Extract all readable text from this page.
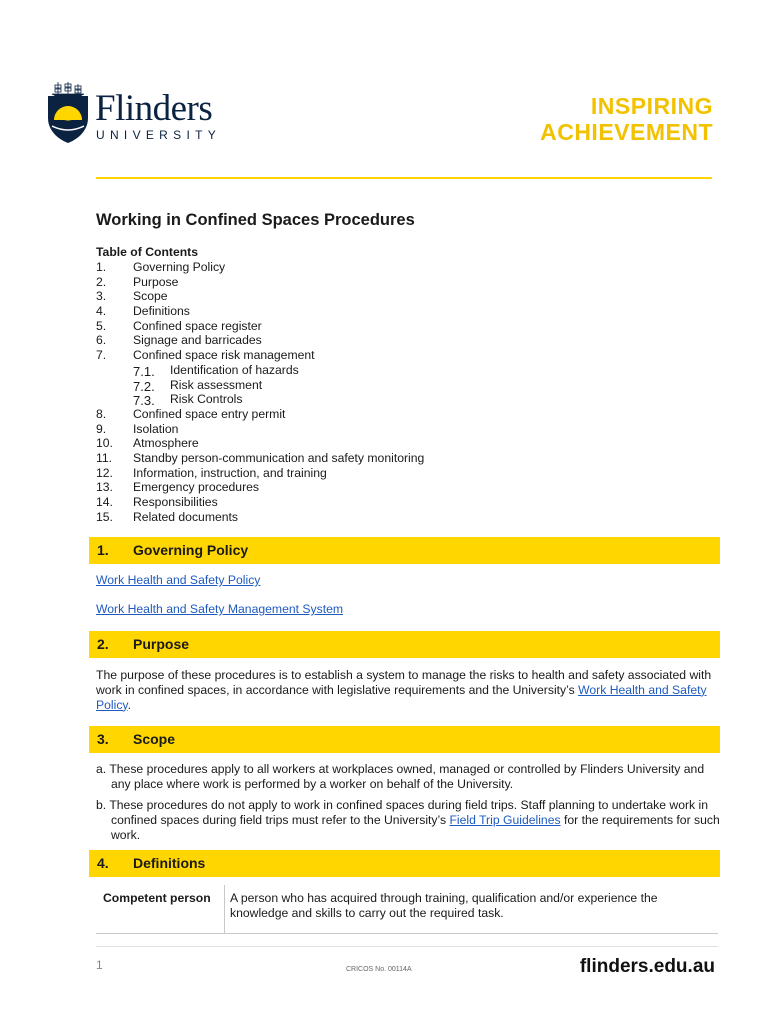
Flinders
UNIVERSITY
INSPIRING
ACHIEVEMENT
Working in Confined Spaces Procedures
Table of Contents
1. Governing Policy
2. Purpose
3. Scope
4. Definitions
5. Confined space register
6. Signage and barricades
7. Confined space risk management
7.1. Identification of hazards
7.2. Risk assessment
7.3. Risk Controls
8. Confined space entry permit
9. Isolation
10. Atmosphere
11. Standby person-communication and safety monitoring
12. Information, instruction, and training
13. Emergency procedures
14. Responsibilities
15. Related documents
1. Governing Policy
Work Health and Safety Policy
Work Health and Safety Management System
2. Purpose

The purpose of these procedures is to establish a system to manage the risks to health and safety associated with work in confined spaces, in accordance with legislative requirements and the University’s Work Health and Safety Policy.

3. Scope
a. These procedures apply to all workers at workplaces owned, managed or controlled by Flinders University and any place where work is performed by a worker on behalf of the University.
b. These procedures do not apply to work in confined spaces during field trips. Staff planning to undertake work in confined spaces during field trips must refer to the University’s Field Trip Guidelines for the requirements for such work.
4. Definitions
Competent person A person who has acquired through training, qualification and/or experience the knowledge and skills to carry out the required task.
1	CRICOS No. 00114A	flinders.edu.au
